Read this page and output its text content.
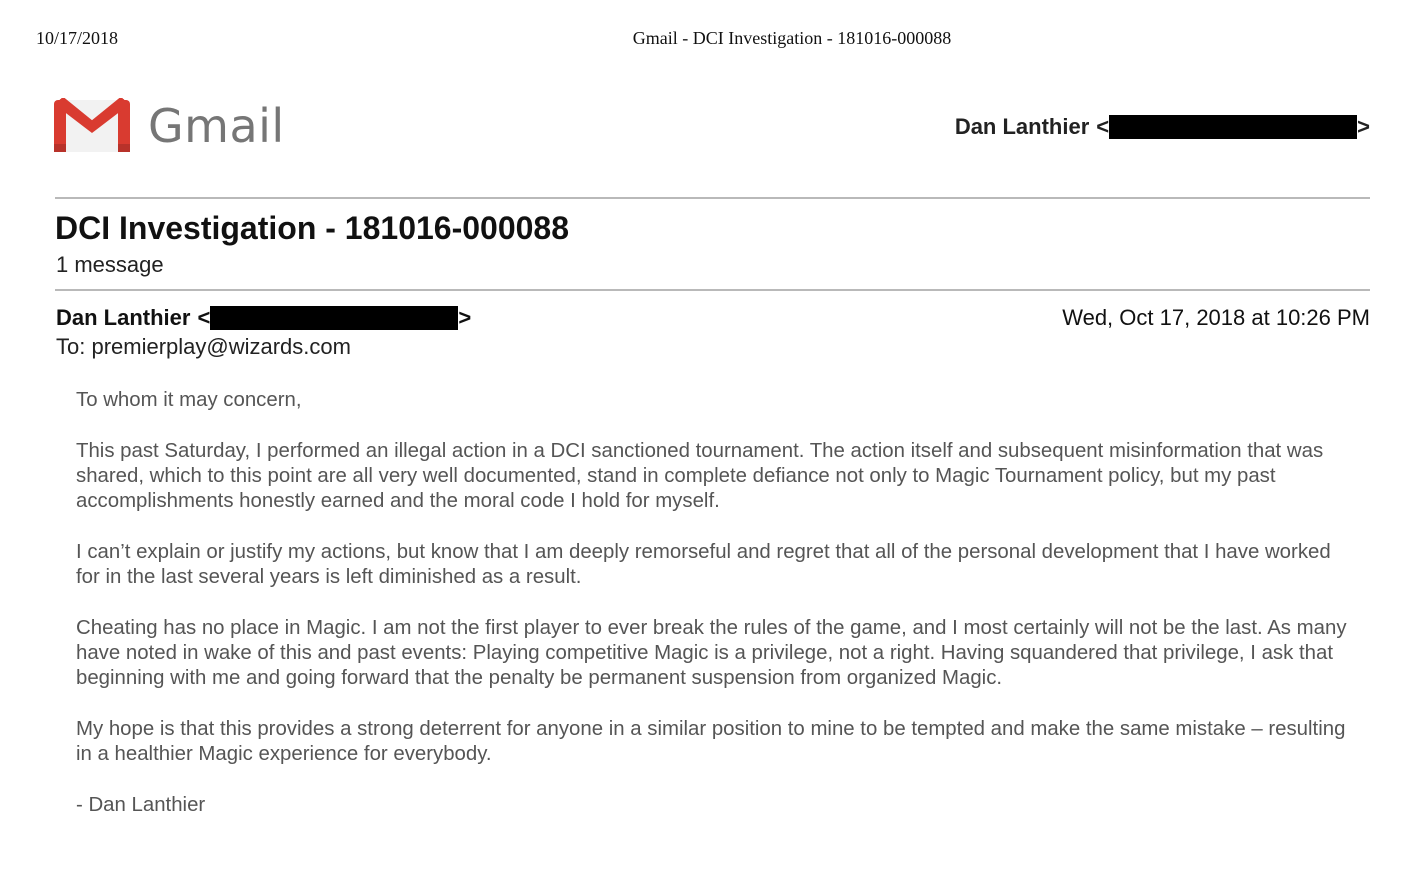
10/17/2018	Gmail - DCI Investigation - 181016-000088
Gmail	Dan Lanthier <	>
DCI Investigation - 181016-000088
1 message
Dan Lanthier <	>	Wed, Oct 17, 2018 at 10:26 PM
To: premierplay@wizards.com

To whom it may concern,

This past Saturday, I performed an illegal action in a DCI sanctioned tournament. The action itself and subsequent misinformation that was shared, which to this point are all very well documented, stand in complete defiance not only to Magic Tournament policy, but my past accomplishments honestly earned and the moral code I hold for myself.

I can’t explain or justify my actions, but know that I am deeply remorseful and regret that all of the personal development that I have worked for in the last several years is left diminished as a result.

Cheating has no place in Magic. I am not the first player to ever break the rules of the game, and I most certainly will not be the last. As many have noted in wake of this and past events: Playing competitive Magic is a privilege, not a right. Having squandered that privilege, I ask that beginning with me and going forward that the penalty be permanent suspension from organized Magic.

My hope is that this provides a strong deterrent for anyone in a similar position to mine to be tempted and make the same mistake – resulting in a healthier Magic experience for everybody.

- Dan Lanthier
